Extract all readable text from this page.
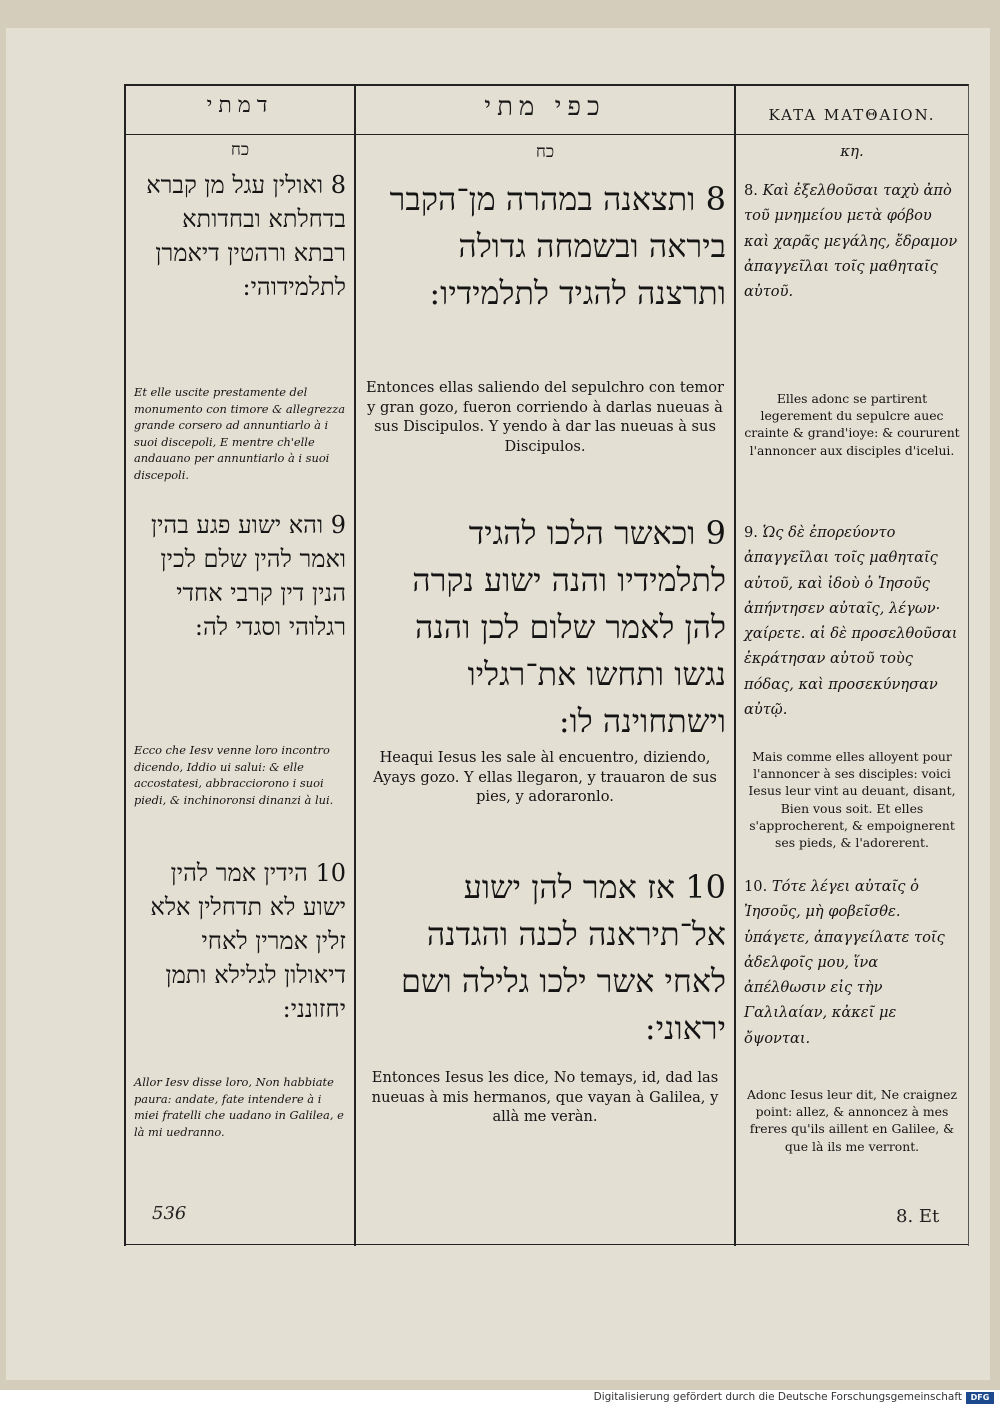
דמתי
כח
8 ואולין עגל מן קברא בדחלתא ובחדותא רבתא ורהטין דיאמרן לתלמידוהי:
Et elle uscite prestamente del monumento con timore & allegrezza grande corsero ad annuntiarlo à i suoi discepoli, E mentre ch'elle andauano per annuntiarlo à i suoi discepoli.
9 והא ישוע פגע בהין ואמר להין שלם לכין הנין דין קרבי אחדי רגלוהי וסגדי לה:
Ecco che Iesv venne loro incontro dicendo, Iddio ui salui: & elle accostatesi, abbracciorono i suoi piedi, & inchinoronsi dinanzi à lui.
10 הידין אמר להין ישוע לא תדחלין אלא זלין אמרין לאחי דיאולון לגלילא ותמן יחזונני:
Allor Iesv disse loro, Non habbiate paura: andate, fate intendere à i miei fratelli che uadano in Galilea, e là mi uedranno.
כפי מתי
כח
8 ותצאנה במהרה מן־הקבר ביראה ובשמחה גדולה ותרצנה להגיד לתלמידיו:
Entonces ellas saliendo del sepulchro con temor y gran gozo, fueron corriendo à darlas nueuas à sus Discipulos. Y yendo à dar las nueuas à sus Discipulos.
9 וכאשר הלכו להגיד לתלמידיו והנה ישוע נקרה להן לאמר שלום לכן והנה נגשו ותחשו את־רגליו וישתחוינה לו:
Heaqui Iesus les sale àl encuentro, diziendo, Ayays gozo. Y ellas llegaron, y trauaron de sus pies, y adoraronlo.
10 אז אמר להן ישוע אל־תיראנה לכנה והגדנה לאחי אשר ילכו גלילה ושם יראוני:
Entonces Iesus les dice, No temays, id, dad las nueuas à mis hermanos, que vayan à Galilea, y allà me veràn.
KATA MATΘAION.
κη.
8. Καὶ ἐξελθοῦσαι ταχὺ ἀπὸ τοῦ μνημείου μετὰ φόβου καὶ χαρᾶς μεγάλης, ἔδραμον ἀπαγγεῖλαι τοῖς μαθηταῖς αὐτοῦ.
Elles adonc se partirent legerement du sepulcre auec crainte & grand'ioye: & coururent l'annoncer aux disciples d'icelui.
9. Ὡς δὲ ἐπορεύοντο ἀπαγγεῖλαι τοῖς μαθηταῖς αὐτοῦ, καὶ ἰδοὺ ὁ Ἰησοῦς ἀπήντησεν αὐταῖς, λέγων· χαίρετε. αἱ δὲ προσελθοῦσαι ἐκράτησαν αὐτοῦ τοὺς πόδας, καὶ προσεκύνησαν αὐτῷ.
Mais comme elles alloyent pour l'annoncer à ses disciples: voici Iesus leur vint au deuant, disant, Bien vous soit. Et elles s'approcherent, & empoignerent ses pieds, & l'adorerent.
10. Τότε λέγει αὐταῖς ὁ Ἰησοῦς, μὴ φοβεῖσθε. ὑπάγετε, ἀπαγγείλατε τοῖς ἀδελφοῖς μου, ἵνα ἀπέλθωσιν εἰς τὴν Γαλιλαίαν, κἀκεῖ με ὄψονται.
Adonc Iesus leur dit, Ne craignez point: allez, & annoncez à mes freres qu'ils aillent en Galilee, & que là ils me verront.
536	8. Et
Digitalisierung gefördert durch die Deutsche Forschungsgemeinschaft	DFG
